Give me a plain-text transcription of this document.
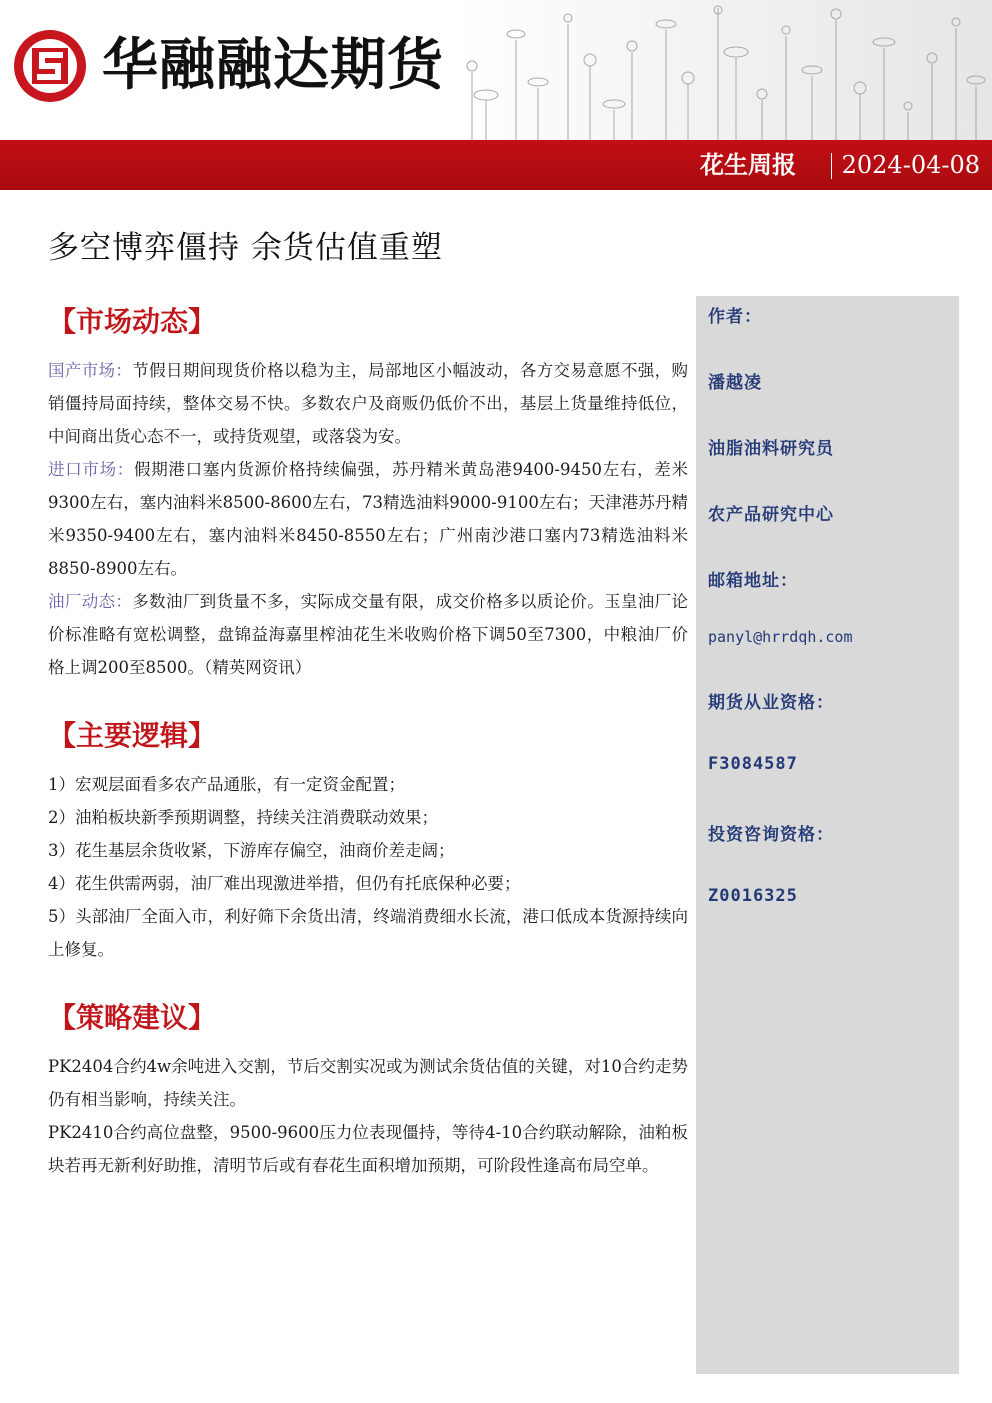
华融融达期货
花生周报 2024-04-08
多空博弈僵持 余货估值重塑
【市场动态】

国产市场：节假日期间现货价格以稳为主，局部地区小幅波动，各方交易意愿不强，购销僵持局面持续，整体交易不快。多数农户及商贩仍低价不出，基层上货量维持低位，中间商出货心态不一，或持货观望，或落袋为安。

进口市场：假期港口塞内货源价格持续偏强，苏丹精米黄岛港9400-9450左右，差米9300左右，塞内油料米8500-8600左右，73精选油料9000-9100左右；天津港苏丹精米9350-9400左右，塞内油料米8450-8550左右；广州南沙港口塞内73精选油料米8850-8900左右。

油厂动态：多数油厂到货量不多，实际成交量有限，成交价格多以质论价。玉皇油厂论价标准略有宽松调整，盘锦益海嘉里榨油花生米收购价格下调50至7300，中粮油厂价格上调200至8500。（精英网资讯）

【主要逻辑】

1）宏观层面看多农产品通胀，有一定资金配置；

2）油粕板块新季预期调整，持续关注消费联动效果；

3）花生基层余货收紧，下游库存偏空，油商价差走阔；

4）花生供需两弱，油厂难出现激进举措，但仍有托底保种必要；

5）头部油厂全面入市，利好筛下余货出清，终端消费细水长流，港口低成本货源持续向上修复。

【策略建议】

PK2404合约4w余吨进入交割，节后交割实况或为测试余货估值的关键，对10合约走势仍有相当影响，持续关注。

PK2410合约高位盘整，9500-9600压力位表现僵持，等待4-10合约联动解除，油粕板块若再无新利好助推，清明节后或有春花生面积增加预期，可阶段性逢高布局空单。

作者：
潘越凌
油脂油料研究员
农产品研究中心
邮箱地址：
panyl@hrrdqh.com
期货从业资格：
F3084587
投资咨询资格：
Z0016325
